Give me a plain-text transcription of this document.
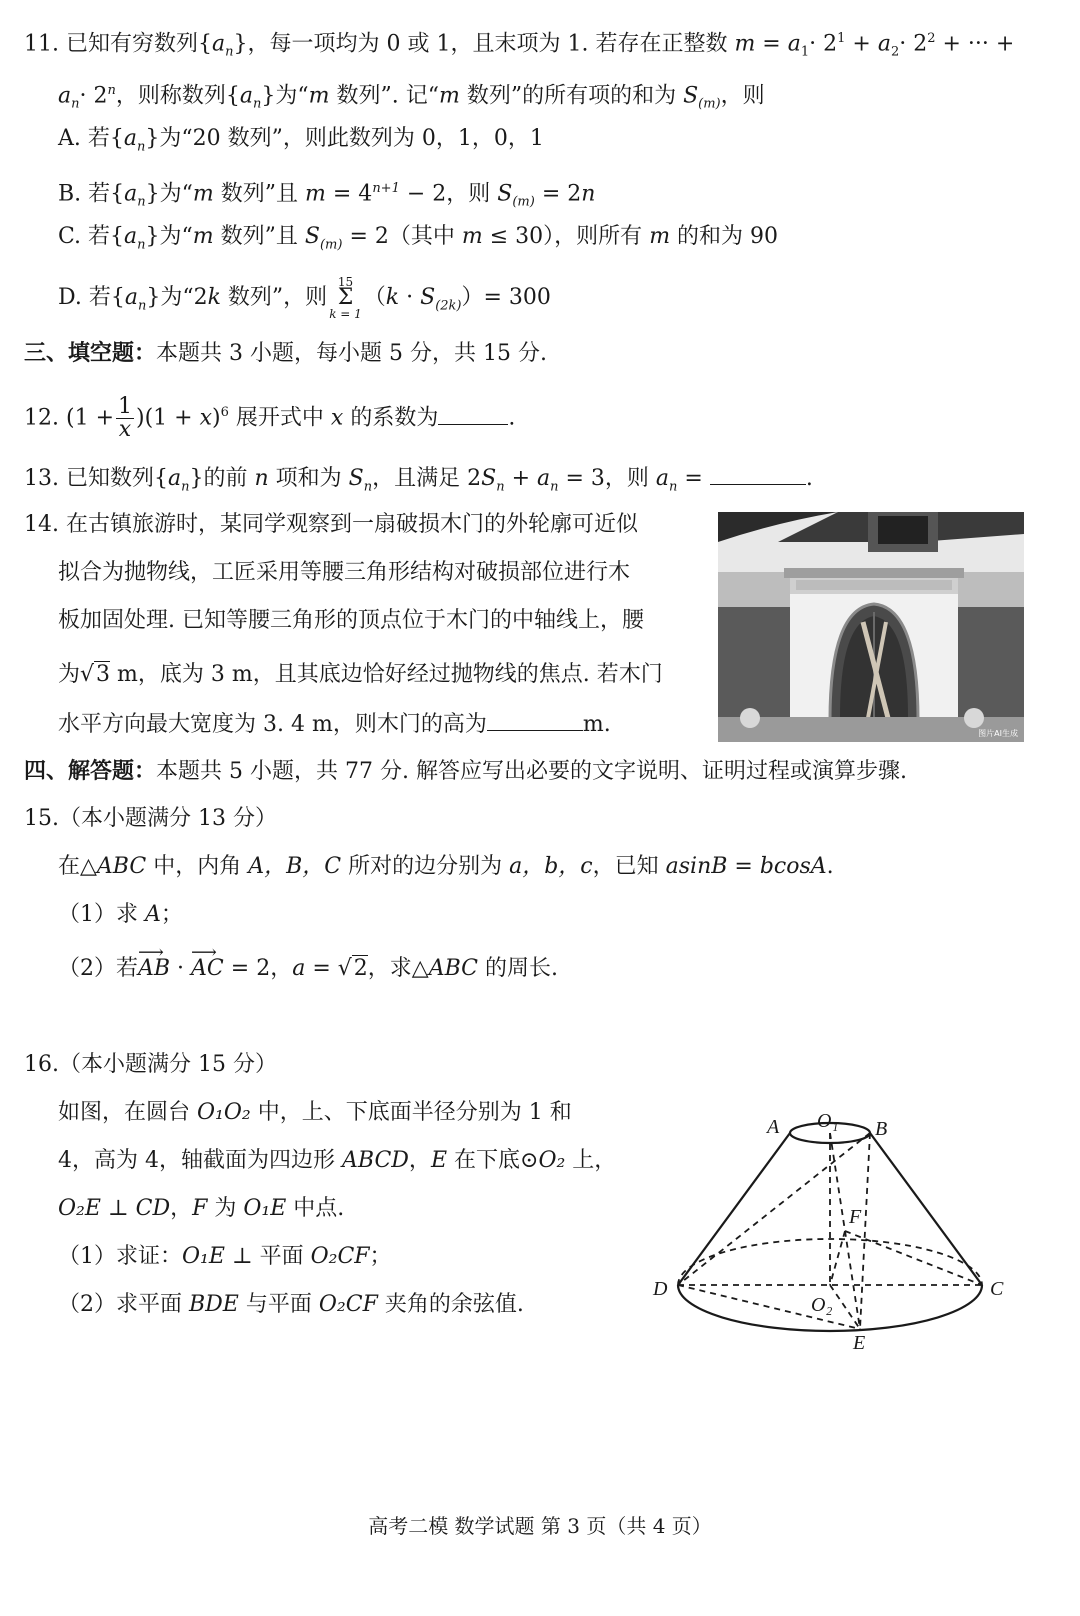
11. 已知有穷数列$\{a_n\}$，每一项均为 0 或 1，且末项为 1. 若存在正整数 $m = a_1\cdot 2^1 + a_2\cdot 2^2$ + ··· +
$a_n\cdot 2^n$，则称数列$\{a_n\}$为“m 数列”. 记“m 数列”的所有项的和为 $S_{(m)}$，则
A. 若$\{a_n\}$为“20 数列”，则此数列为 0，1，0，1
B. 若$\{a_n\}$为“m 数列”且 $m = 4^{n+1} - 2$，则 $S_{(m)} = 2n$
C. 若$\{a_n\}$为“m 数列”且 $S_{(m)} = 2$（其中 m ≤ 30），则所有 m 的和为 90
D. 若$\{a_n\}$为“2k 数列”，则
15
Σ
k = 1
$(k \cdot S_{(2k)})= 300$
三、填空题：本题共 3 小题，每小题 5 分，共 15 分.
12. $(1 + \frac{1}{x} )(1 + x)^6$ 展开式中 x 的系数为	.
13. 已知数列$\{a_n\}$的前 n 项和为 $S_n$，且满足 $2S_n + a_n = 3$，则 $a_n$ =	.
14. 在古镇旅游时，某同学观察到一扇破损木门的外轮廓可近似
拟合为抛物线，工匠采用等腰三角形结构对破损部位进行木
板加固处理. 已知等腰三角形的顶点位于木门的中轴线上，腰
为√3 m，底为 3 m，且其底边恰好经过抛物线的焦点. 若木门
水平方向最大宽度为 3. 4 m，则木门的高为	m.	图片AI生成
四、解答题：本题共 5 小题，共 77 分. 解答应写出必要的文字说明、证明过程或演算步骤.
15.（本小题满分 13 分）
在△ABC 中，内角 A，B，C 所对的边分别为 a，b，c，已知 asinB = bcosA.
（1）求 A；
（2）若⟶ AB · ⟶ AC = 2，a = √2，求△ABC 的周长.
16.（本小题满分 15 分）
如图，在圆台 O₁O₂ 中，上、下底面半径分别为 1 和
4，高为 4，轴截面为四边形 ABCD，E 在下底⊙O₂ 上，
O₂E ⊥ CD，F 为 O₁E 中点.
（1）求证：O₁E ⊥ 平面 O₂CF；
（2）求平面 BDE 与平面 O₂CF 夹角的余弦值.
A O₁ B
F
D	C
O₂
E
高考二模 数学试题 第 3 页（共 4 页）
